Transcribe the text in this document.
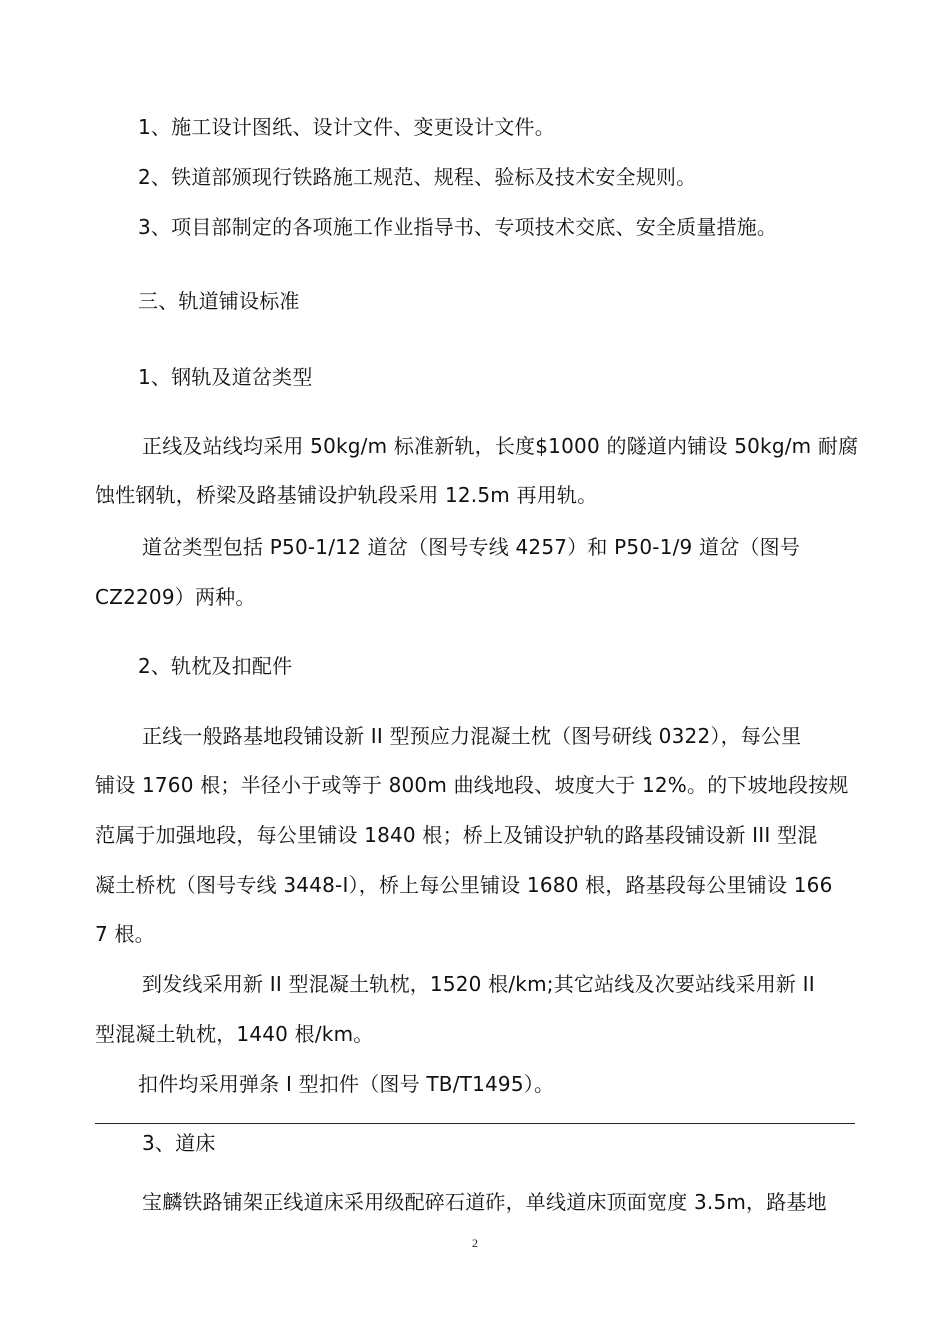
1、施工设计图纸、设计文件、变更设计文件。
2、铁道部颁现行铁路施工规范、规程、验标及技术安全规则。
3、项目部制定的各项施工作业指导书、专项技术交底、安全质量措施。
三、轨道铺设标准
1、钢轨及道岔类型
正线及站线均采用 50kg/m 标准新轨，长度$1000 的隧道内铺设 50kg/m 耐腐
蚀性钢轨，桥梁及路基铺设护轨段采用 12.5m 再用轨。
道岔类型包括 P50-1/12 道岔（图号专线 4257）和 P50-1/9 道岔（图号
CZ2209）两种。
2、轨枕及扣配件
正线一般路基地段铺设新 II 型预应力混凝土枕（图号研线 0322），每公里
铺设 1760 根；半径小于或等于 800m 曲线地段、坡度大于 12%。的下坡地段按规
范属于加强地段，每公里铺设 1840 根；桥上及铺设护轨的路基段铺设新 III 型混
凝土桥枕（图号专线 3448-I），桥上每公里铺设 1680 根，路基段每公里铺设 166
7 根。
到发线采用新 II 型混凝土轨枕，1520 根/km;其它站线及次要站线采用新 II
型混凝土轨枕，1440 根/km。
扣件均采用弹条 I 型扣件（图号 TB/T1495）。
3、道床
宝麟铁路铺架正线道床采用级配碎石道砟，单线道床顶面宽度 3.5m，路基地
2
